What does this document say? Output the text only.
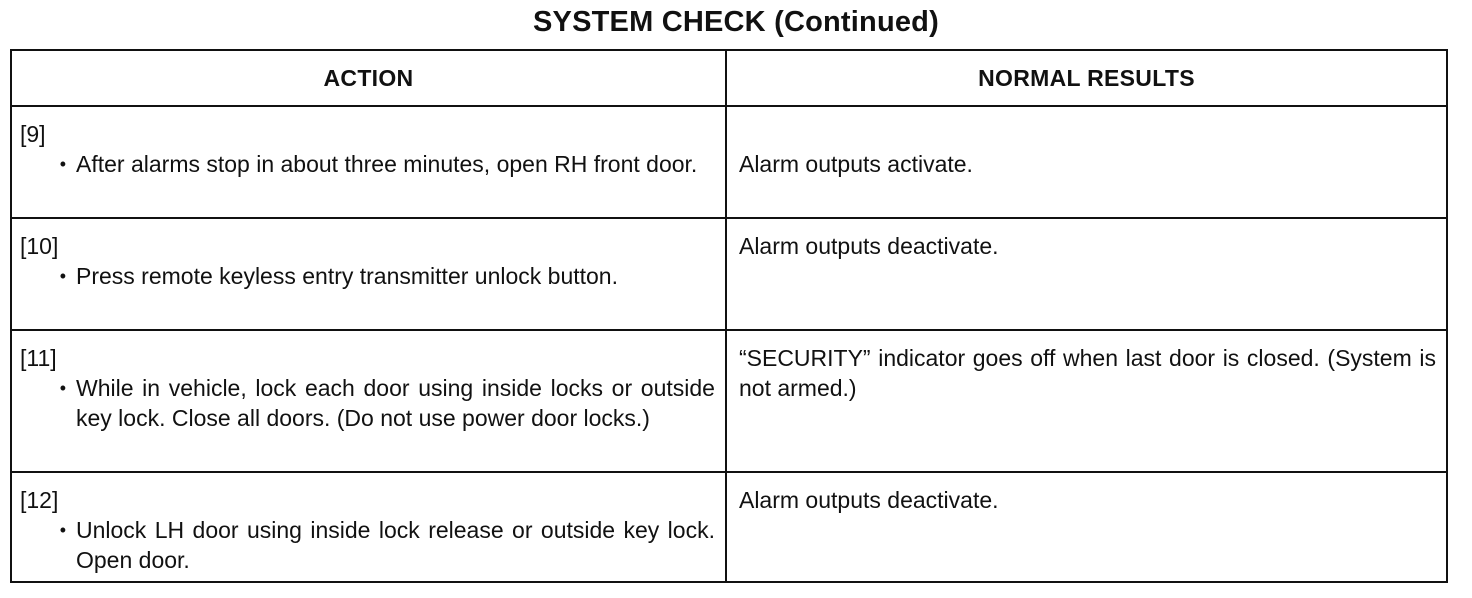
SYSTEM CHECK (Continued)
ACTION	NORMAL RESULTS

[9]
• After alarms stop in about three minutes, open RH front door.	Alarm outputs activate.

[10]
• Press remote keyless entry transmitter unlock button.	Alarm outputs deactivate.

[11]
• While in vehicle, lock each door using inside locks or outside key lock. Close all doors. (Do not use power door locks.)	“SECURITY” indicator goes off when last door is closed. (System is not armed.)

[12]
• Unlock LH door using inside lock release or outside key lock. Open door.	Alarm outputs deactivate.
